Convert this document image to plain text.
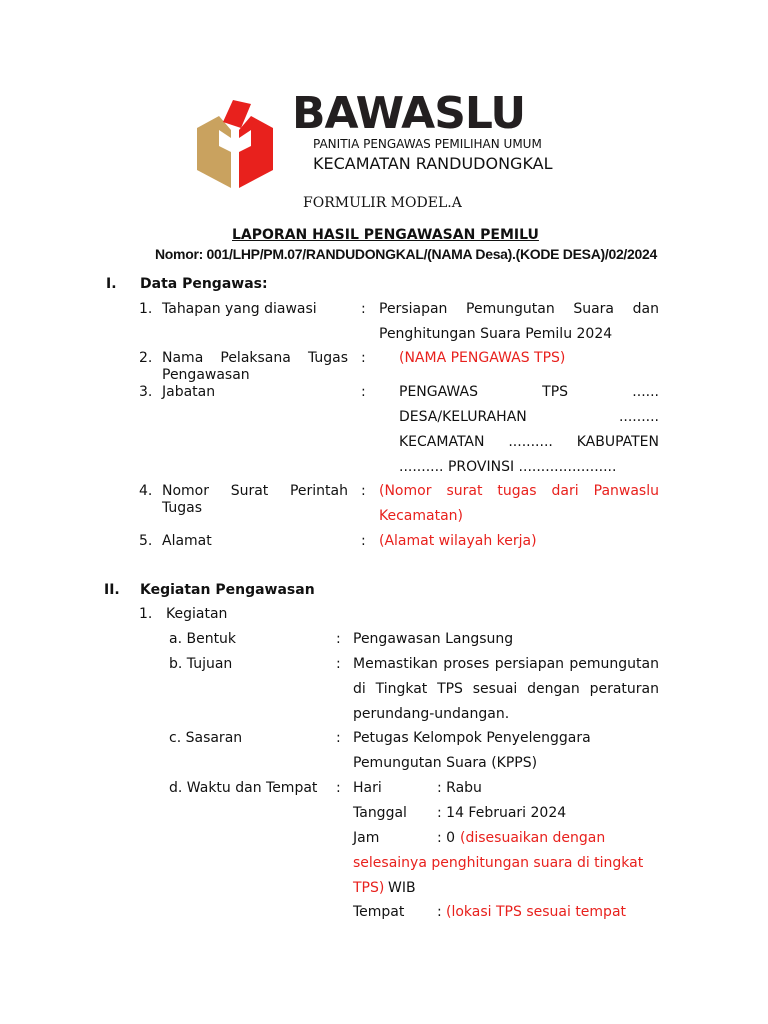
BAWASLU
PANITIA PENGAWAS PEMILIHAN UMUM
KECAMATAN RANDUDONGKAL
FORMULIR MODEL.A
LAPORAN HASIL PENGAWASAN PEMILU
Nomor: 001/LHP/PM.07/RANDUDONGKAL/(NAMA Desa).(KODE DESA)/02/2024
I. Data Pengawas:
1. Tahapan yang diawasi	: Persiapan Pemungutan Suara dan
Penghitungan Suara Pemilu 2024
2. Nama Pelaksana Tugas
Pengawasan
: (NAMA PENGAWAS TPS)
3. Jabatan	: PENGAWAS TPS ......
DESA/KELURAHAN .........
KECAMATAN .......... KABUPATEN
.......... PROVINSI ......................
4. Nomor Surat Perintah
Tugas
: (Nomor surat tugas dari Panwaslu
Kecamatan)
5. Alamat	: (Alamat wilayah kerja)
II. Kegiatan Pengawasan
1. Kegiatan
a. Bentuk	: Pengawasan Langsung
b. Tujuan	: Memastikan proses persiapan pemungutan
di Tingkat TPS sesuai dengan peraturan
perundang-undangan.
c. Sasaran	: Petugas Kelompok Penyelenggara
Pemungutan Suara (KPPS)
d. Waktu dan Tempat : Hari	: Rabu
Tanggal : 14 Februari 2024
Jam	: 0 (disesuaikan dengan
selesainya penghitungan suara di tingkat
TPS) WIB
Tempat : (lokasi TPS sesuai tempat
